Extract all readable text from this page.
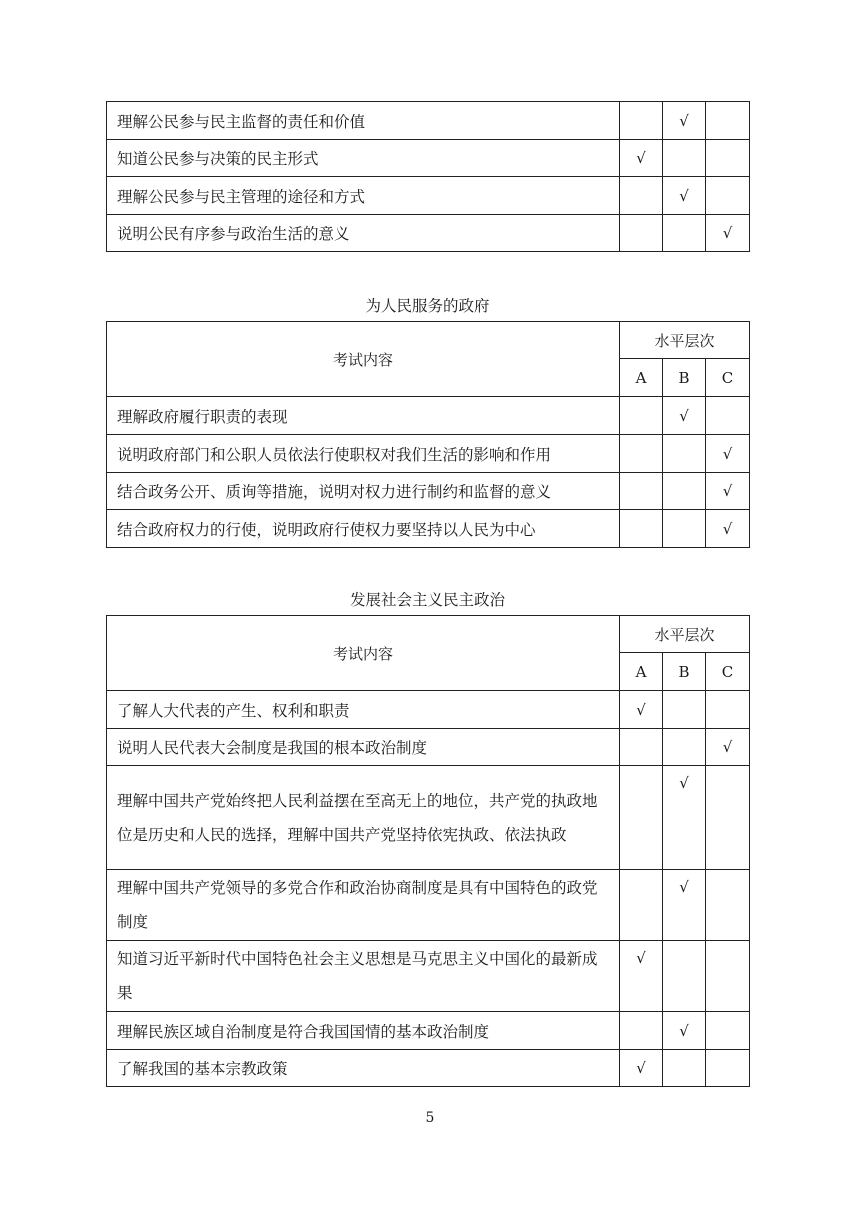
理解公民参与民主监督的责任和价值		√	
知道公民参与决策的民主形式	√		
理解公民参与民主管理的途径和方式		√	
说明公民有序参与政治生活的意义			√
为人民服务的政府
考试内容	水平层次		
	A	B	C
理解政府履行职责的表现		√	
说明政府部门和公职人员依法行使职权对我们生活的影响和作用			√
结合政务公开、质询等措施，说明对权力进行制约和监督的意义			√
结合政府权力的行使，说明政府行使权力要坚持以人民为中心			√
发展社会主义民主政治
考试内容	水平层次		
	A	B	C
了解人大代表的产生、权利和职责	√		
说明人民代表大会制度是我国的根本政治制度			√
理解中国共产党始终把人民利益摆在至高无上的地位，共产党的执政地位是历史和人民的选择，理解中国共产党坚持依宪执政、依法执政		√	
理解中国共产党领导的多党合作和政治协商制度是具有中国特色的政党制度		√	
知道习近平新时代中国特色社会主义思想是马克思主义中国化的最新成果	√		
理解民族区域自治制度是符合我国国情的基本政治制度		√	
了解我国的基本宗教政策	√		
5
